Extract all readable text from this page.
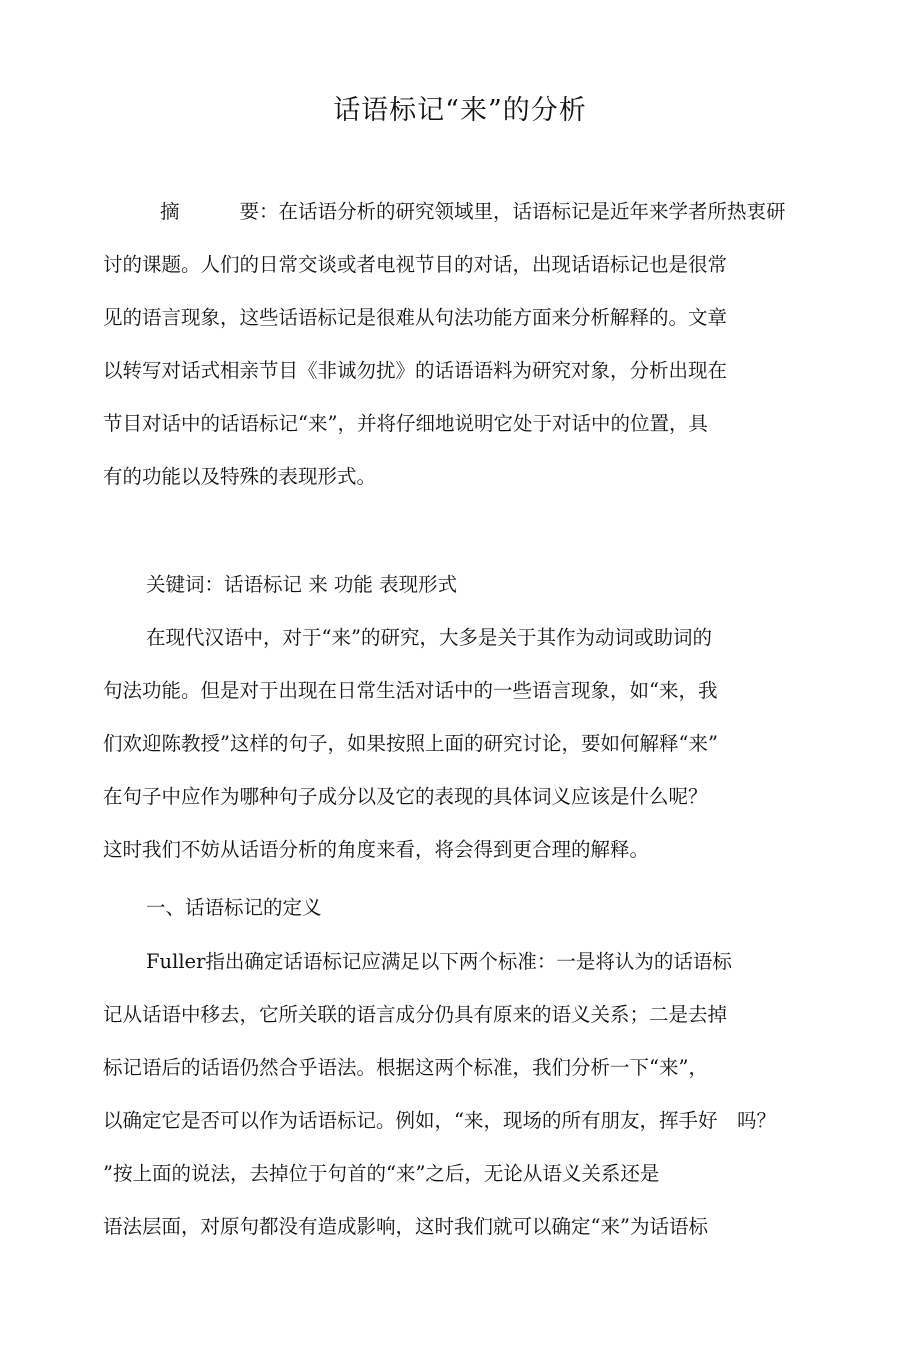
话语标记“来”的分析
摘	要：在话语分析的研究领域里，话语标记是近年来学者所热衷研
讨的课题。人们的日常交谈或者电视节目的对话，出现话语标记也是很常
见的语言现象，这些话语标记是很难从句法功能方面来分析解释的。文章
以转写对话式相亲节目《非诚勿扰》的话语语料为研究对象，分析出现在
节目对话中的话语标记“来”，并将仔细地说明它处于对话中的位置，具
有的功能以及特殊的表现形式。
关键词：话语标记 来 功能 表现形式
在现代汉语中，对于“来”的研究，大多是关于其作为动词或助词的
句法功能。但是对于出现在日常生活对话中的一些语言现象，如“来，我
们欢迎陈教授”这样的句子，如果按照上面的研究讨论，要如何解释“来”
在句子中应作为哪种句子成分以及它的表现的具体词义应该是什么呢？
这时我们不妨从话语分析的角度来看，将会得到更合理的解释。
一、话语标记的定义
Fuller指出确定话语标记应满足以下两个标准：一是将认为的话语标
记从话语中移去，它所关联的语言成分仍具有原来的语义关系；二是去掉
标记语后的话语仍然合乎语法。根据这两个标准，我们分析一下“来”，
以确定它是否可以作为话语标记。例如，“来，现场的所有朋友，挥手好　吗？
”按上面的说法，去掉位于句首的“来”之后，无论从语义关系还是
语法层面，对原句都没有造成影响，这时我们就可以确定“来”为话语标
